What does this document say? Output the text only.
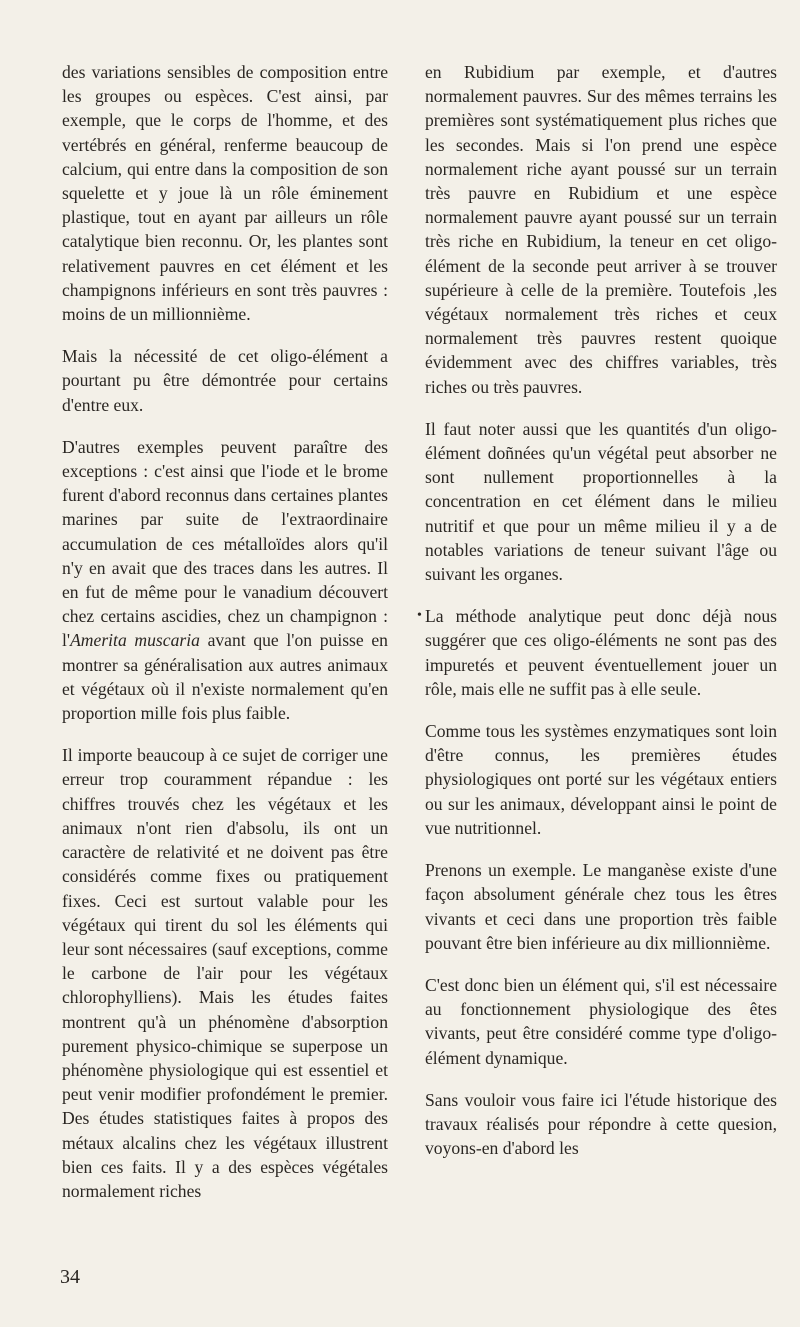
des variations sensibles de composition entre les groupes ou espèces. C'est ainsi, par exemple, que le corps de l'homme, et des vertébrés en général, renferme beaucoup de calcium, qui entre dans la composition de son squelette et y joue là un rôle éminement plastique, tout en ayant par ailleurs un rôle catalytique bien reconnu. Or, les plantes sont relativement pauvres en cet élément et les champignons inférieurs en sont très pauvres : moins de un millionnième.

Mais la nécessité de cet oligo-élément a pourtant pu être démontrée pour certains d'entre eux.

D'autres exemples peuvent paraître des exceptions : c'est ainsi que l'iode et le brome furent d'abord reconnus dans certaines plantes marines par suite de l'extraordinaire accumulation de ces métalloïdes alors qu'il n'y en avait que des traces dans les autres. Il en fut de même pour le vanadium découvert chez certains ascidies, chez un champignon : l'Amerita muscaria avant que l'on puisse en montrer sa généralisation aux autres animaux et végétaux où il n'existe normalement qu'en proportion mille fois plus faible.

Il importe beaucoup à ce sujet de corriger une erreur trop couramment répandue : les chiffres trouvés chez les végétaux et les animaux n'ont rien d'absolu, ils ont un caractère de relativité et ne doivent pas être considérés comme fixes ou pratiquement fixes. Ceci est surtout valable pour les végétaux qui tirent du sol les éléments qui leur sont nécessaires (sauf exceptions, comme le carbone de l'air pour les végétaux chlorophylliens). Mais les études faites montrent qu'à un phénomène d'absorption purement physico-chimique se superpose un phénomène physiologique qui est essentiel et peut venir modifier profondément le premier. Des études statistiques faites à propos des métaux alcalins chez les végétaux illustrent bien ces faits. Il y a des espèces végétales normalement riches

en Rubidium par exemple, et d'autres normalement pauvres. Sur des mêmes terrains les premières sont systématiquement plus riches que les secondes. Mais si l'on prend une espèce normalement riche ayant poussé sur un terrain très pauvre en Rubidium et une espèce normalement pauvre ayant poussé sur un terrain très riche en Rubidium, la teneur en cet oligo-élément de la seconde peut arriver à se trouver supérieure à celle de la première. Toutefois ,les végétaux normalement très riches et ceux normalement très pauvres restent quoique évidemment avec des chiffres variables, très riches ou très pauvres.

Il faut noter aussi que les quantités d'un oligo-élément doñnées qu'un végétal peut absorber ne sont nullement proportionnelles à la concentration en cet élément dans le milieu nutritif et que pour un même milieu il y a de notables variations de teneur suivant l'âge ou suivant les organes.

• La méthode analytique peut donc déjà nous suggérer que ces oligo-éléments ne sont pas des impuretés et peuvent éventuellement jouer un rôle, mais elle ne suffit pas à elle seule.

Comme tous les systèmes enzymatiques sont loin d'être connus, les premières études physiologiques ont porté sur les végétaux entiers ou sur les animaux, développant ainsi le point de vue nutritionnel.

Prenons un exemple. Le manganèse existe d'une façon absolument générale chez tous les êtres vivants et ceci dans une proportion très faible pouvant être bien inférieure au dix millionnième.

C'est donc bien un élément qui, s'il est nécessaire au fonctionnement physiologique des êtes vivants, peut être considéré comme type d'oligo-élément dynamique.

Sans vouloir vous faire ici l'étude historique des travaux réalisés pour répondre à cette quesion, voyons-en d'abord les

34
